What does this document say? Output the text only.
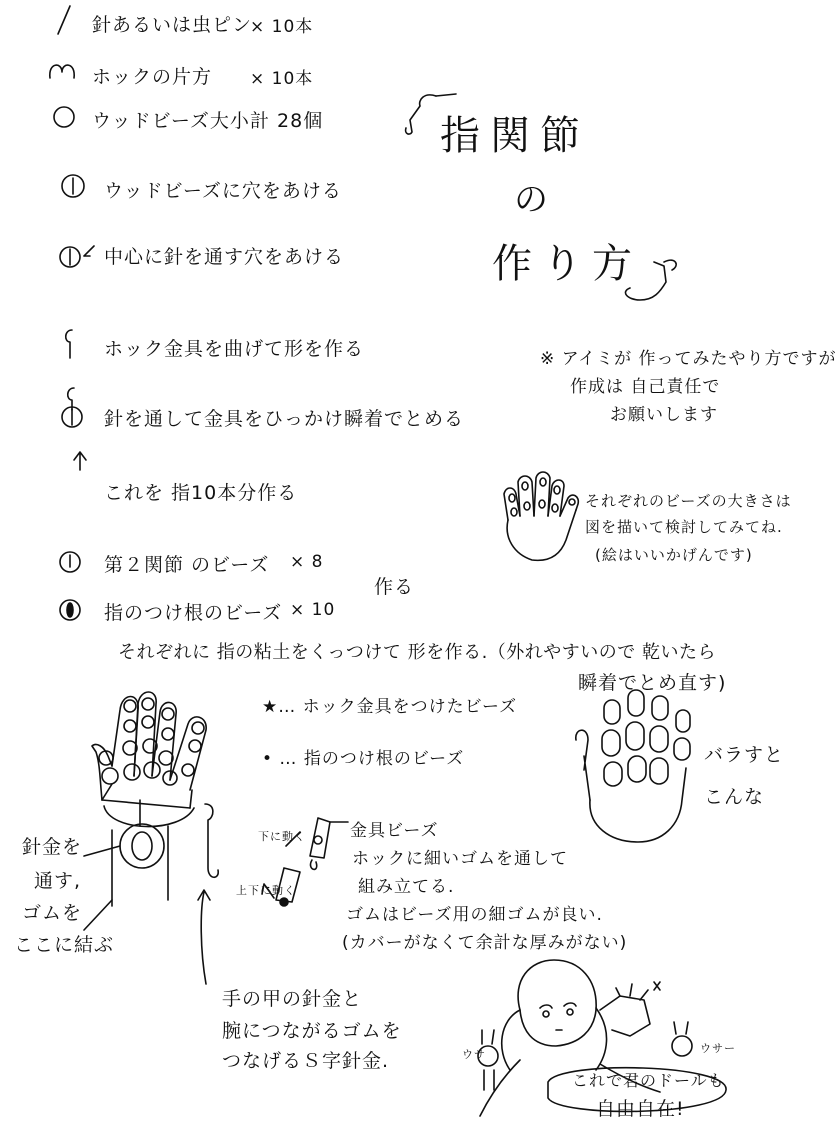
指関節
の
作り方
※ アイミが 作ってみたやり方ですが
作成は 自己責任で
お願いします
針あるいは虫ピン
× 10本
ホックの片方 × 10本
ウッドビーズ大小 計 28個
ウッドビーズに穴をあける
中心に針を通す穴をあける
ホック金具を曲げて形を作る
針を通して金具をひっかけ瞬着でとめる
これを 指10本分作る	それぞれのビーズの大きさは
図を描いて検討してみてね.
(絵はいいかげんです)
第２関節 のビーズ × 8
指のつけ根のビーズ × 10
作る
それぞれに 指の粘土をくっつけて 形を作る.（外れやすいので 乾いたら
瞬着でとめ直す)
★… ホック金具をつけたビーズ
• … 指のつけ根のビーズ	バラすと
こんな
針金を
通す,
ゴムを
ここに結ぶ
金具ビーズ
ホックに細いゴムを通して
組み立てる.
ゴムはビーズ用の細ゴムが良い.
(カバーがなくて余計な厚みがない)
下に動く
上下に動く
手の甲の針金と
腕につながるゴムを
つなげるＳ字針金.
これで君のドールも
自由自在!
ウサ	ウサー
